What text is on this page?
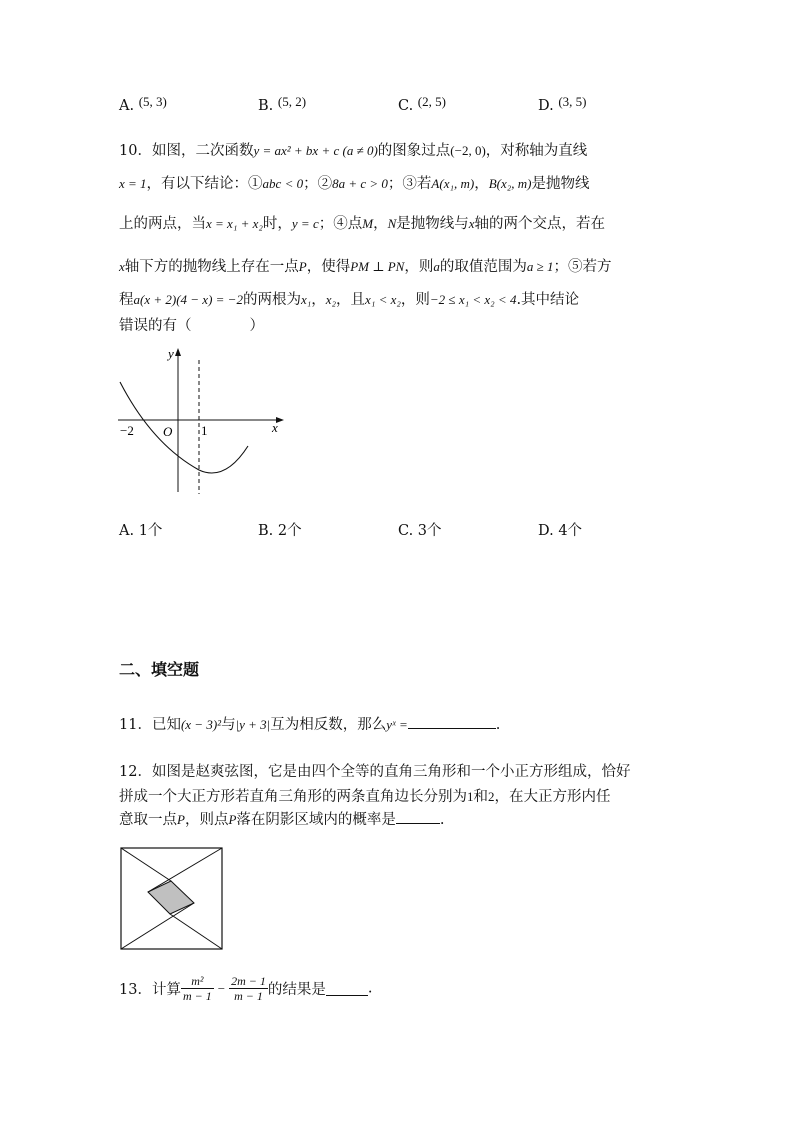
A. (5, 3)	B. (5, 2)	C. (2, 5)	D. (3, 5)
10．如图，二次函数y = ax² + bx + c (a ≠ 0)的图象过点(−2, 0)，对称轴为直线
x = 1，有以下结论：①abc < 0；②8a + c > 0；③若A(x₁, m)，B(x₂, m)是抛物线
上的两点，当x = x₁ + x₂时，y = c；④点M，N是抛物线与x轴的两个交点，若在
x轴下方的抛物线上存在一点P，使得PM ⊥ PN，则a的取值范围为a ≥ 1；⑤若方
程a(x + 2)(4 − x) = −2的两根为x₁，x₂，且x₁ < x₂，则−2 ≤ x₁ < x₂ < 4.其中结论
错误的有（　　　　）
y
x
O
−2	1
A. 1个	B. 2个	C. 3个	D. 4个
二、填空题
11．已知(x − 3)²与|y + 3|互为相反数，那么yˣ =	.
12．如图是赵爽弦图，它是由四个全等的直角三角形和一个小正方形组成，恰好
拼成一个大正方形若直角三角形的两条直角边长分别为1和2，在大正方形内任
意取一点P，则点P落在阴影区域内的概率是	.
13．计算 $\frac{\text{m²}}{m - 1} - \frac{2m - 1}{m - 1}$ 的结果是	.
